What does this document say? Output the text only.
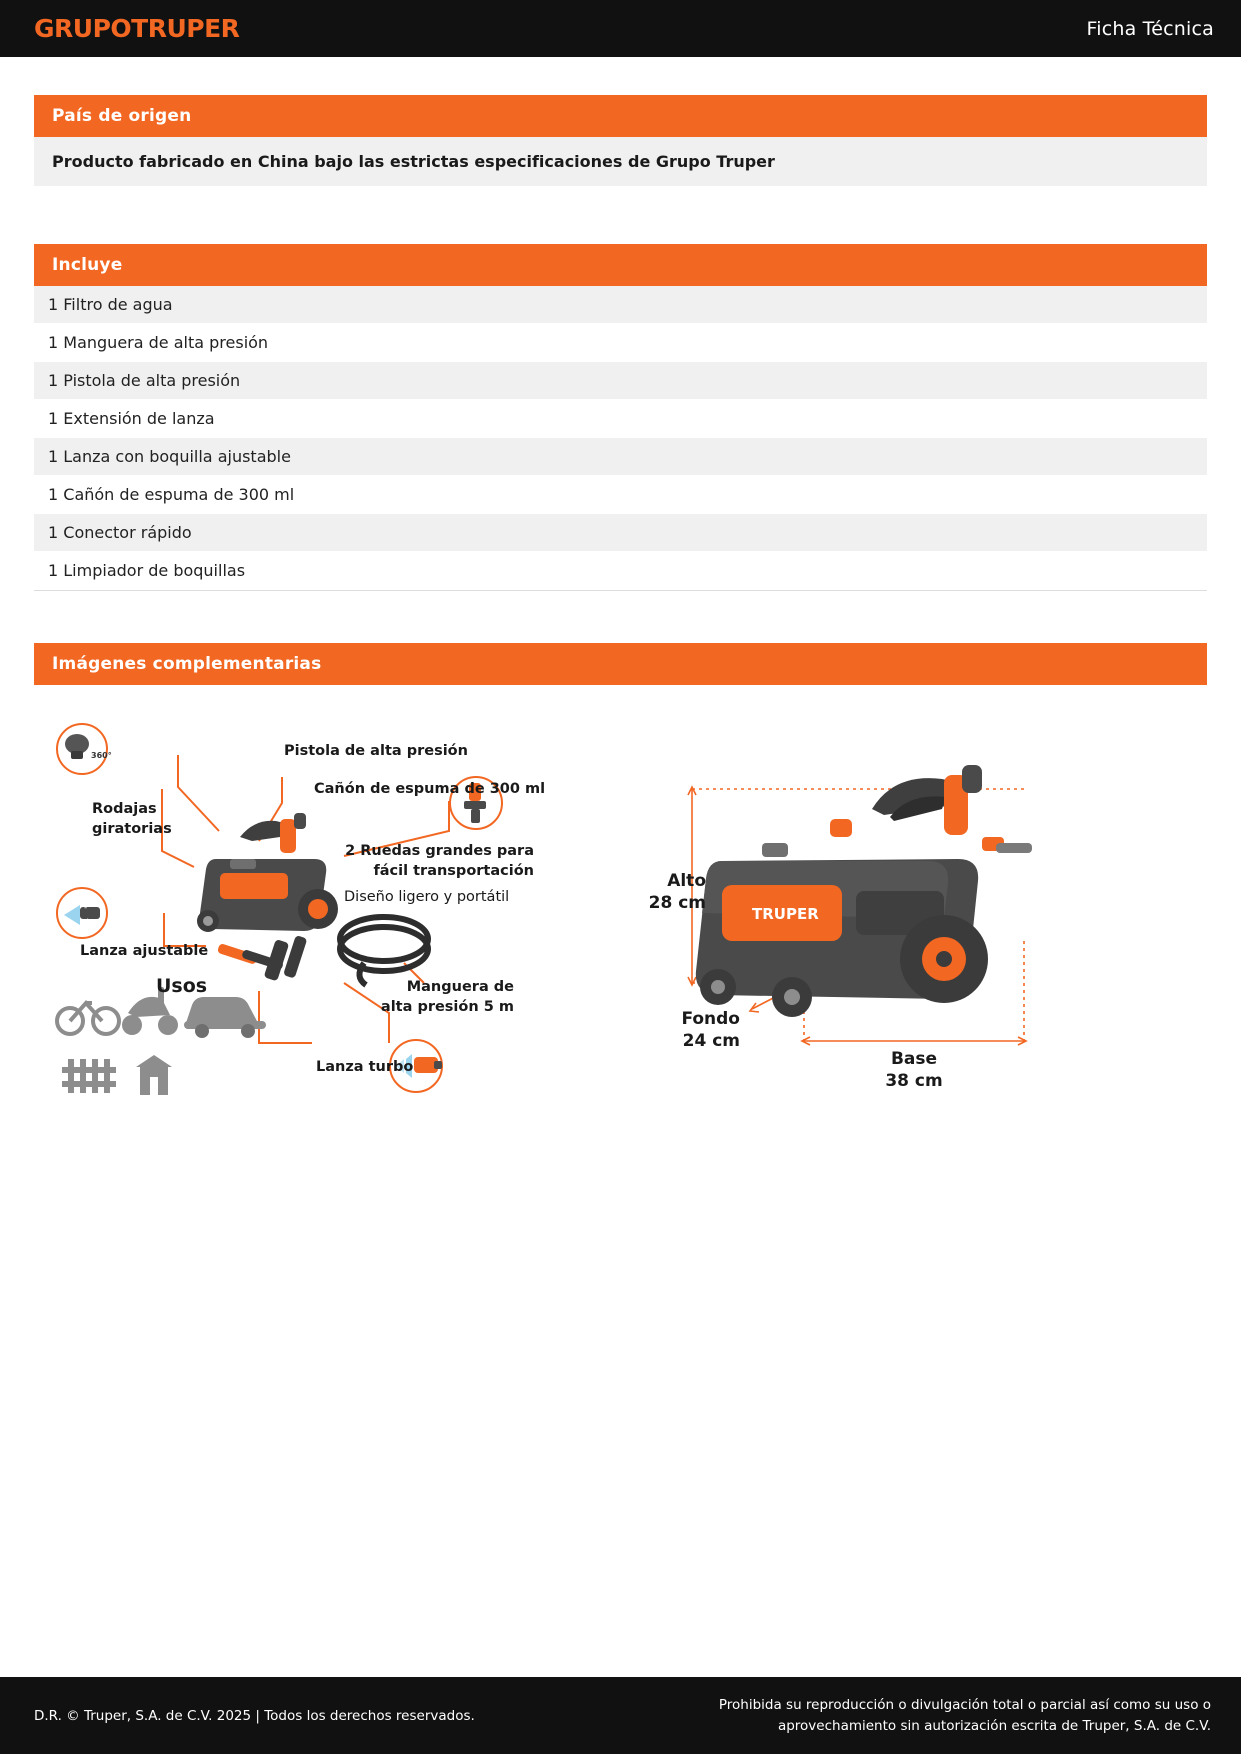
GRUPOTRUPER	Ficha Técnica
País de origen
Producto fabricado en China bajo las estrictas especificaciones de Grupo Truper
Incluye
1 Filtro de agua
1 Manguera de alta presión
1 Pistola de alta presión
1 Extensión de lanza
1 Lanza con boquilla ajustable
1 Cañón de espuma de 300 ml
1 Conector rápido
1 Limpiador de boquillas
Imágenes complementarias
360°
-
+
Pistola de alta presión
Cañón de espuma de 300 ml
Rodajas
giratorias
2 Ruedas grandes para
fácil transportación
Diseño ligero y portátil
Lanza ajustable
Manguera de
alta presión 5 m
Lanza turbo
Usos
TRUPER
Alto
28 cm
Fondo
24 cm
Base
38 cm
D.R. © Truper, S.A. de C.V. 2025 | Todos los derechos reservados.
Prohibida su reproducción o divulgación total o parcial así como su uso o
aprovechamiento sin autorización escrita de Truper, S.A. de C.V.
